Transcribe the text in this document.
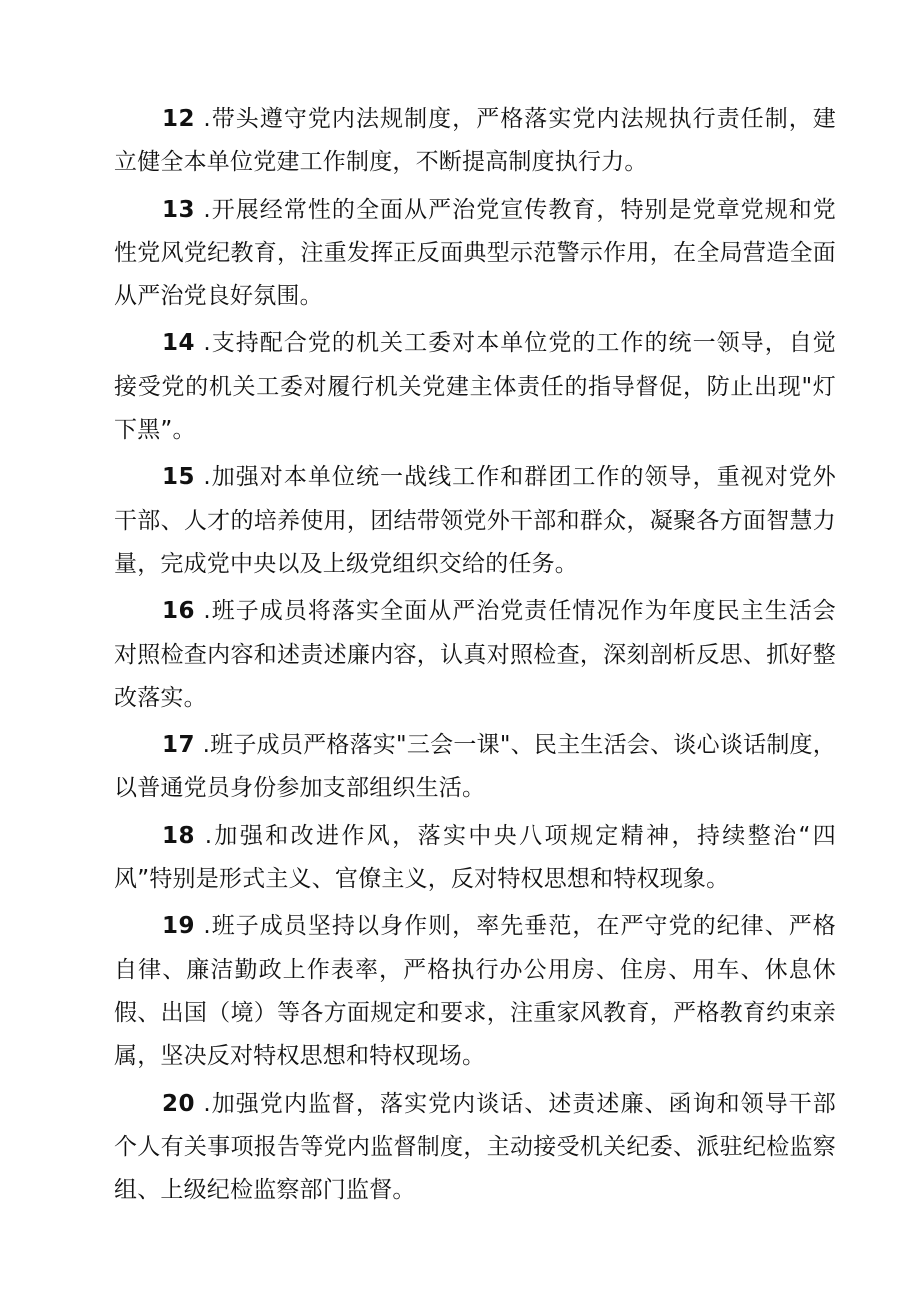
12 .带头遵守党内法规制度，严格落实党内法规执行责任制，建立健全本单位党建工作制度，不断提高制度执行力。

13 .开展经常性的全面从严治党宣传教育，特别是党章党规和党性党风党纪教育，注重发挥正反面典型示范警示作用，在全局营造全面从严治党良好氛围。

14 .支持配合党的机关工委对本单位党的工作的统一领导，自觉接受党的机关工委对履行机关党建主体责任的指导督促，防止出现"灯下黑”。

15 .加强对本单位统一战线工作和群团工作的领导，重视对党外干部、人才的培养使用，团结带领党外干部和群众，凝聚各方面智慧力量，完成党中央以及上级党组织交给的任务。

16 .班子成员将落实全面从严治党责任情况作为年度民主生活会对照检查内容和述责述廉内容，认真对照检查，深刻剖析反思、抓好整改落实。

17 .班子成员严格落实"三会一课"、民主生活会、谈心谈话制度，以普通党员身份参加支部组织生活。

18 .加强和改进作风，落实中央八项规定精神，持续整治“四风”特别是形式主义、官僚主义，反对特权思想和特权现象。

19 .班子成员坚持以身作则，率先垂范，在严守党的纪律、严格自律、廉洁勤政上作表率，严格执行办公用房、住房、用车、休息休假、出国（境）等各方面规定和要求，注重家风教育，严格教育约束亲属，坚决反对特权思想和特权现场。

20 .加强党内监督，落实党内谈话、述责述廉、函询和领导干部个人有关事项报告等党内监督制度，主动接受机关纪委、派驻纪检监察组、上级纪检监察部门监督。
